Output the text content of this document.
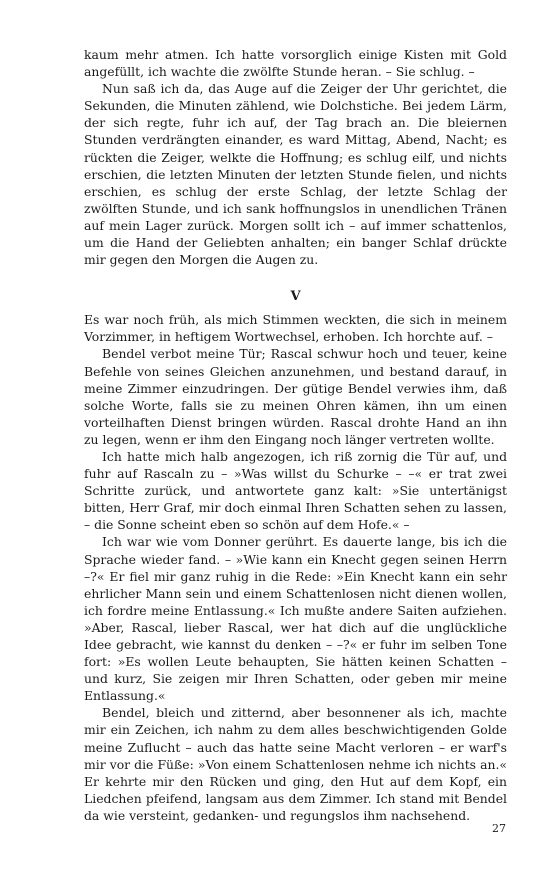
kaum mehr atmen. Ich hatte vorsorglich einige Kisten mit Gold angefüllt, ich wachte die zwölfte Stunde heran. – Sie schlug. –

Nun saß ich da, das Auge auf die Zeiger der Uhr gerichtet, die Sekunden, die Minuten zählend, wie Dolchstiche. Bei jedem Lärm, der sich regte, fuhr ich auf, der Tag brach an. Die bleiernen Stunden verdrängten einander, es ward Mittag, Abend, Nacht; es rückten die Zeiger, welkte die Hoffnung; es schlug eilf, und nichts erschien, die letzten Minuten der letzten Stunde fielen, und nichts erschien, es schlug der erste Schlag, der letzte Schlag der zwölften Stunde, und ich sank hoffnungslos in unendlichen Tränen auf mein Lager zurück. Morgen sollt ich – auf immer schattenlos, um die Hand der Geliebten anhalten; ein banger Schlaf drückte mir gegen den Morgen die Augen zu.

V

Es war noch früh, als mich Stimmen weckten, die sich in meinem Vorzimmer, in heftigem Wortwechsel, erhoben. Ich horchte auf. –

Bendel verbot meine Tür; Rascal schwur hoch und teuer, keine Befehle von seines Gleichen anzunehmen, und bestand darauf, in meine Zimmer einzudringen. Der gütige Bendel verwies ihm, daß solche Worte, falls sie zu meinen Ohren kämen, ihn um einen vorteilhaften Dienst bringen würden. Rascal drohte Hand an ihn zu legen, wenn er ihm den Eingang noch länger vertreten wollte.

Ich hatte mich halb angezogen, ich riß zornig die Tür auf, und fuhr auf Rascaln zu – »Was willst du Schurke – –« er trat zwei Schritte zurück, und antwortete ganz kalt: »Sie untertänigst bitten, Herr Graf, mir doch einmal Ihren Schatten sehen zu lassen, – die Sonne scheint eben so schön auf dem Hofe.« –

Ich war wie vom Donner gerührt. Es dauerte lange, bis ich die Sprache wieder fand. – »Wie kann ein Knecht gegen seinen Herrn –?« Er fiel mir ganz ruhig in die Rede: »Ein Knecht kann ein sehr ehrlicher Mann sein und einem Schattenlosen nicht dienen wollen, ich fordre meine Entlassung.« Ich mußte andere Saiten aufziehen. »Aber, Rascal, lieber Rascal, wer hat dich auf die unglückliche Idee gebracht, wie kannst du denken – –?« er fuhr im selben Tone fort: »Es wollen Leute behaupten, Sie hätten keinen Schatten – und kurz, Sie zeigen mir Ihren Schatten, oder geben mir meine Entlassung.«

Bendel, bleich und zitternd, aber besonnener als ich, machte mir ein Zeichen, ich nahm zu dem alles beschwichtigenden Golde meine Zuflucht – auch das hatte seine Macht verloren – er warf's mir vor die Füße: »Von einem Schattenlosen nehme ich nichts an.« Er kehrte mir den Rücken und ging, den Hut auf dem Kopf, ein Liedchen pfeifend, langsam aus dem Zimmer. Ich stand mit Bendel da wie versteint, gedanken- und regungslos ihm nachsehend.

27
